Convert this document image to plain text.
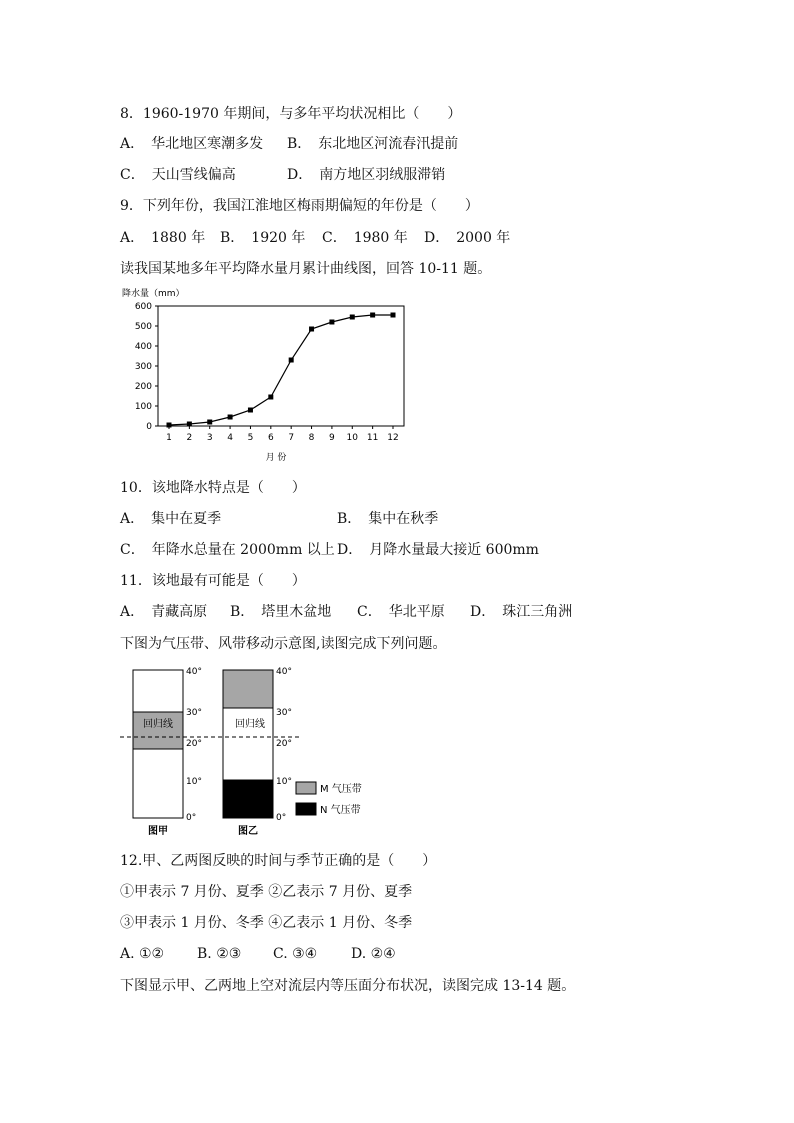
8．1960-1970 年期间，与多年平均状况相比（　　）
A．　华北地区寒潮多发 B．　东北地区河流春汛提前
C．　天山雪线偏高	D．　南方地区羽绒服滞销
9．下列年份，我国江淮地区梅雨期偏短的年份是（　　）
A．　1880 年 B．　1920 年 C．　1980 年 D．　2000 年
读我国某地多年平均降水量月累计曲线图，回答 10-11 题。
降水量（mm）
0
100
200
300
400
500
600
1 2 3 4 5 6 7 8 9 10 11 12
月 份
10．该地降水特点是（　　）
A．　集中在夏季	B．　集中在秋季
C．　年降水总量在 2000mm 以上 D．　月降水量最大接近 600mm
11．该地最有可能是（　　）
A．　青藏高原 B．　塔里木盆地 C．　华北平原 D．　珠江三角洲
下图为气压带、风带移动示意图,读图完成下列问题。
回归线	回归线
40°
30°
20°
10°
0°
40°
30°
20°
10°
0°
图甲	图乙
M 气压带
N 气压带
12.甲、乙两图反映的时间与季节正确的是（　　）
①甲表示 7 月份、夏季 ②乙表示 7 月份、夏季
③甲表示 1 月份、冬季 ④乙表示 1 月份、冬季
A. ①② B. ②③ C. ③④ D. ②④
下图显示甲、乙两地上空对流层内等压面分布状况，读图完成 13-14 题。
